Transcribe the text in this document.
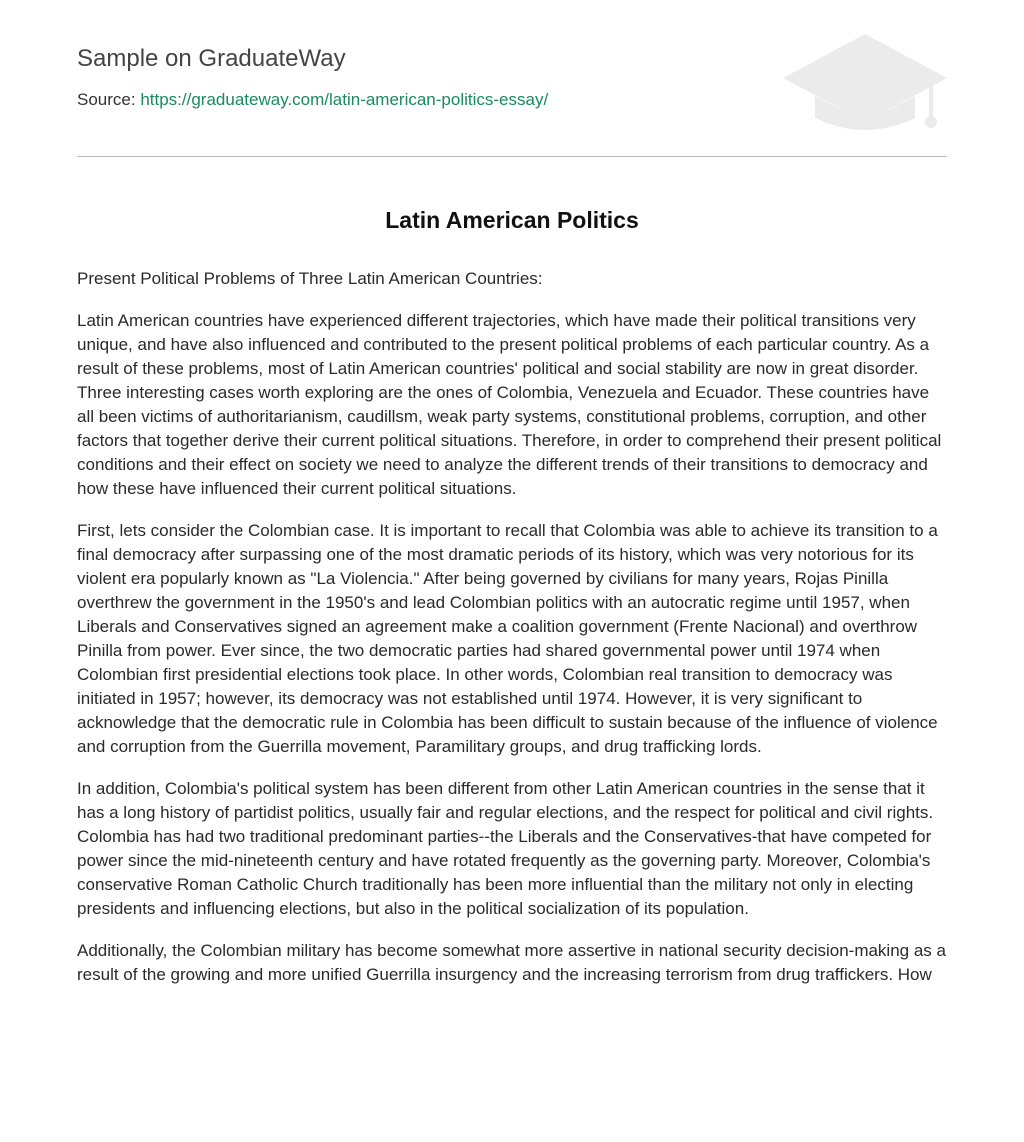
Sample on GraduateWay
Source: https://graduateway.com/latin-american-politics-essay/
Latin American Politics

Present Political Problems of Three Latin American Countries:

Latin American countries have experienced different trajectories, which have made their political transitions very unique, and have also influenced and contributed to the present political problems of each particular country. As a result of these problems, most of Latin American countries' political and social stability are now in great disorder. Three interesting cases worth exploring are the ones of Colombia, Venezuela and Ecuador. These countries have all been victims of authoritarianism, caudillsm, weak party systems, constitutional problems, corruption, and other factors that together derive their current political situations. Therefore, in order to comprehend their present political conditions and their effect on society we need to analyze the different trends of their transitions to democracy and how these have influenced their current political situations.

First, lets consider the Colombian case. It is important to recall that Colombia was able to achieve its transition to a final democracy after surpassing one of the most dramatic periods of its history, which was very notorious for its violent era popularly known as "La Violencia." After being governed by civilians for many years, Rojas Pinilla overthrew the government in the 1950's and lead Colombian politics with an autocratic regime until 1957, when Liberals and Conservatives signed an agreement make a coalition government (Frente Nacional) and overthrow Pinilla from power. Ever since, the two democratic parties had shared governmental power until 1974 when Colombian first presidential elections took place. In other words, Colombian real transition to democracy was initiated in 1957; however, its democracy was not established until 1974. However, it is very significant to acknowledge that the democratic rule in Colombia has been difficult to sustain because of the influence of violence and corruption from the Guerrilla movement, Paramilitary groups, and drug trafficking lords.

In addition, Colombia's political system has been different from other Latin American countries in the sense that it has a long history of partidist politics, usually fair and regular elections, and the respect for political and civil rights. Colombia has had two traditional predominant parties--the Liberals and the Conservatives-that have competed for power since the mid-nineteenth century and have rotated frequently as the governing party. Moreover, Colombia's conservative Roman Catholic Church traditionally has been more influential than the military not only in electing presidents and influencing elections, but also in the political socialization of its population.

Additionally, the Colombian military has become somewhat more assertive in national security decision-making as a result of the growing and more unified Guerrilla insurgency and the increasing terrorism from drug traffickers. How
